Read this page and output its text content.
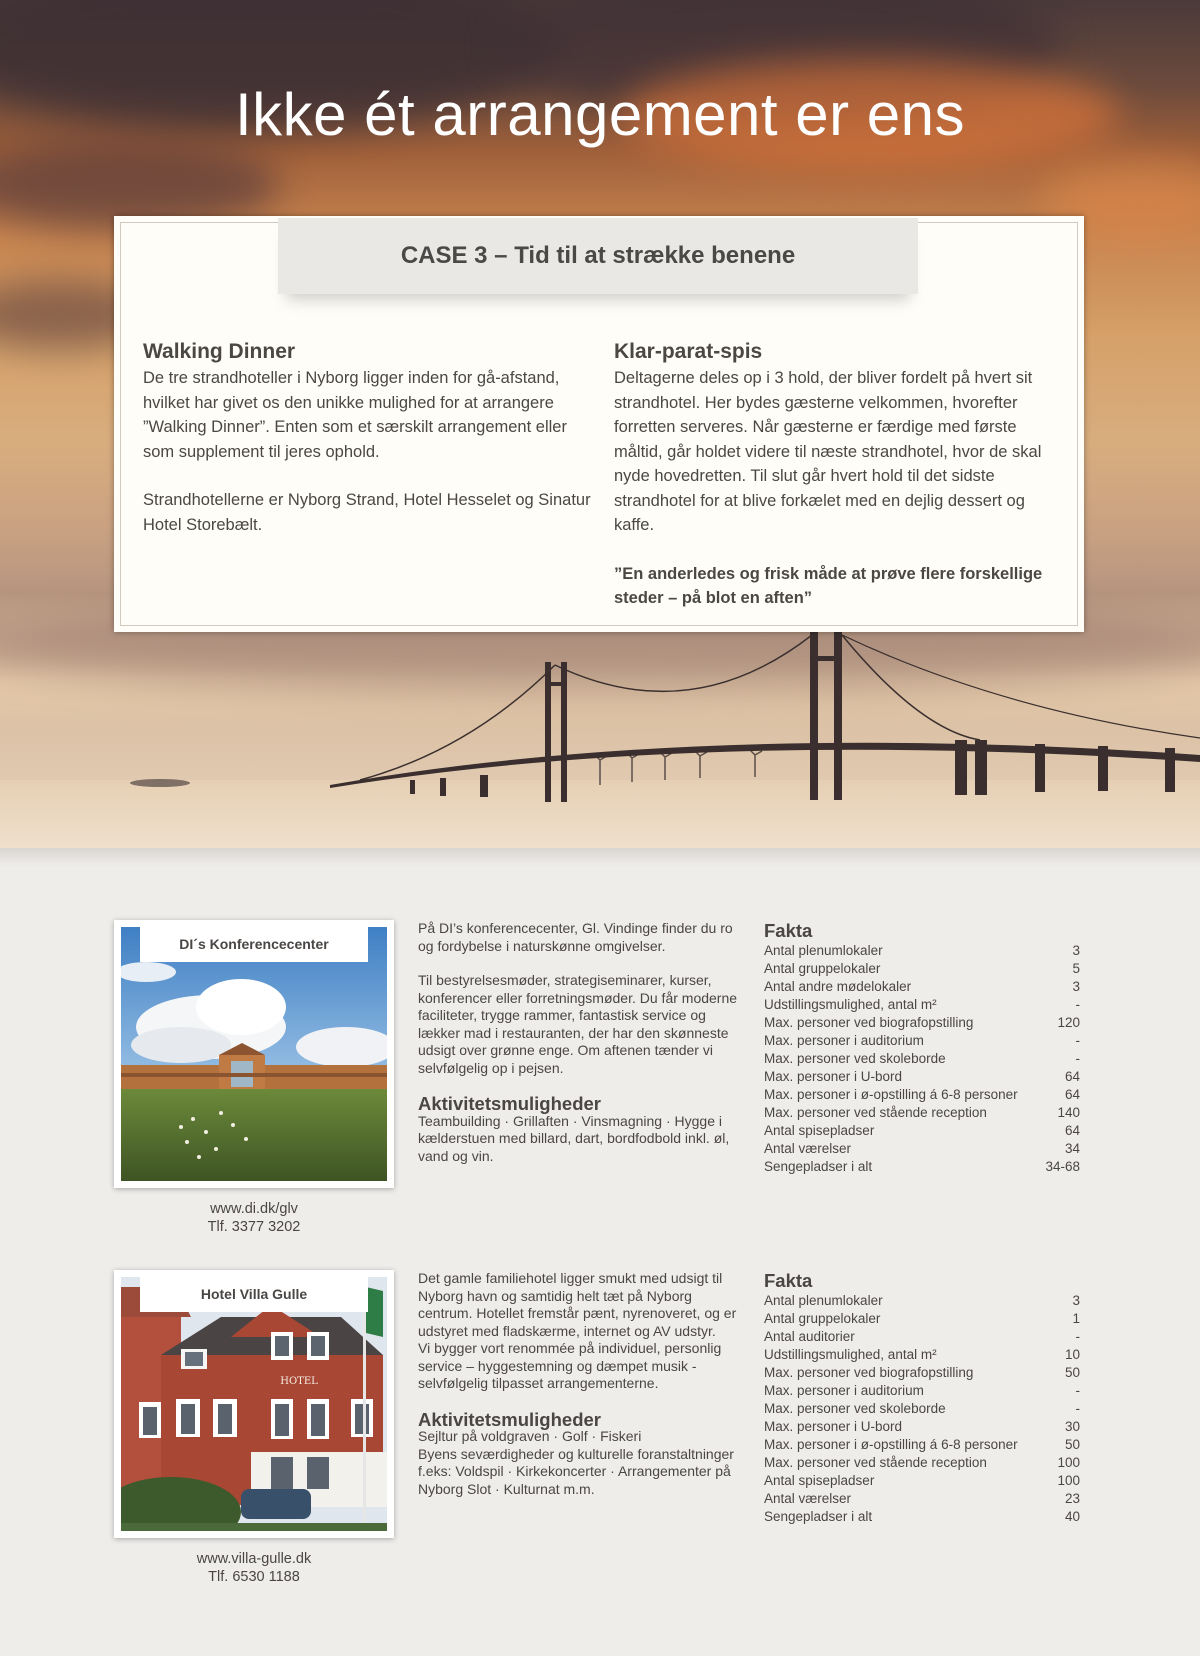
Ikke ét arrangement er ens
CASE 3 – Tid til at strække benene
Walking Dinner

De tre strandhoteller i Nyborg ligger inden for gå-afstand, hvilket har givet os den unikke mulighed for at arrangere ”Walking Dinner”. Enten som et særskilt arrangement eller som supplement til jeres ophold.

Strandhotellerne er Nyborg Strand, Hotel Hesselet og Sinatur Hotel Storebælt.

Klar-parat-spis

Deltagerne deles op i 3 hold, der bliver fordelt på hvert sit strandhotel. Her bydes gæsterne velkommen, hvorefter forretten serveres. Når gæsterne er færdige med første måltid, går holdet videre til næste strandhotel, hvor de skal nyde hovedretten. Til slut går hvert hold til det sidste strandhotel for at blive forkælet med en dejlig dessert og kaffe.

”En anderledes og frisk måde at prøve flere forskellige steder – på blot en aften”

DI´s Konferencecenter
www.di.dk/glv
Tlf. 3377 3202

På DI’s konferencecenter, Gl. Vindinge finder du ro og fordybelse i naturskønne omgivelser.

Til bestyrelsesmøder, strategiseminarer, kurser, konferencer eller forretningsmøder. Du får moderne faciliteter, trygge rammer, fantastisk service og lækker mad i restauranten, der har den skønneste udsigt over grønne enge. Om aftenen tænder vi selvfølgelig op i pejsen.

Aktivitetsmuligheder

Teambuilding · Grillaften · Vinsmagning · Hygge i kælderstuen med billard, dart, bordfodbold inkl. øl, vand og vin.

Fakta
Antal plenumlokaler	3
Antal gruppelokaler	5
Antal andre mødelokaler	3
Udstillingsmulighed, antal m²	-
Max. personer ved biografopstilling	120
Max. personer i auditorium	-
Max. personer ved skoleborde	-
Max. personer i U-bord	64
Max. personer i ø-opstilling á 6-8 personer	64
Max. personer ved stående reception	140
Antal spisepladser	64
Antal værelser	34
Sengepladser i alt	34-68
HOTEL
Hotel Villa Gulle
www.villa-gulle.dk
Tlf. 6530 1188

Det gamle familiehotel ligger smukt med udsigt til Nyborg havn og samtidig helt tæt på Nyborg centrum. Hotellet fremstår pænt, nyrenoveret, og er udstyret med fladskærme, internet og AV udstyr.

Vi bygger vort renommée på individuel, personlig service – hyggestemning og dæmpet musik - selvfølgelig tilpasset arrangementerne.

Aktivitetsmuligheder

Sejltur på voldgraven · Golf · Fiskeri

Byens seværdigheder og kulturelle foranstaltninger f.eks: Voldspil · Kirkekoncerter · Arrangementer på Nyborg Slot · Kulturnat m.m.

Fakta
Antal plenumlokaler	3
Antal gruppelokaler	1
Antal auditorier	-
Udstillingsmulighed, antal m²	10
Max. personer ved biografopstilling	50
Max. personer i auditorium	-
Max. personer ved skoleborde	-
Max. personer i U-bord	30
Max. personer i ø-opstilling á 6-8 personer	50
Max. personer ved stående reception	100
Antal spisepladser	100
Antal værelser	23
Sengepladser i alt	40
